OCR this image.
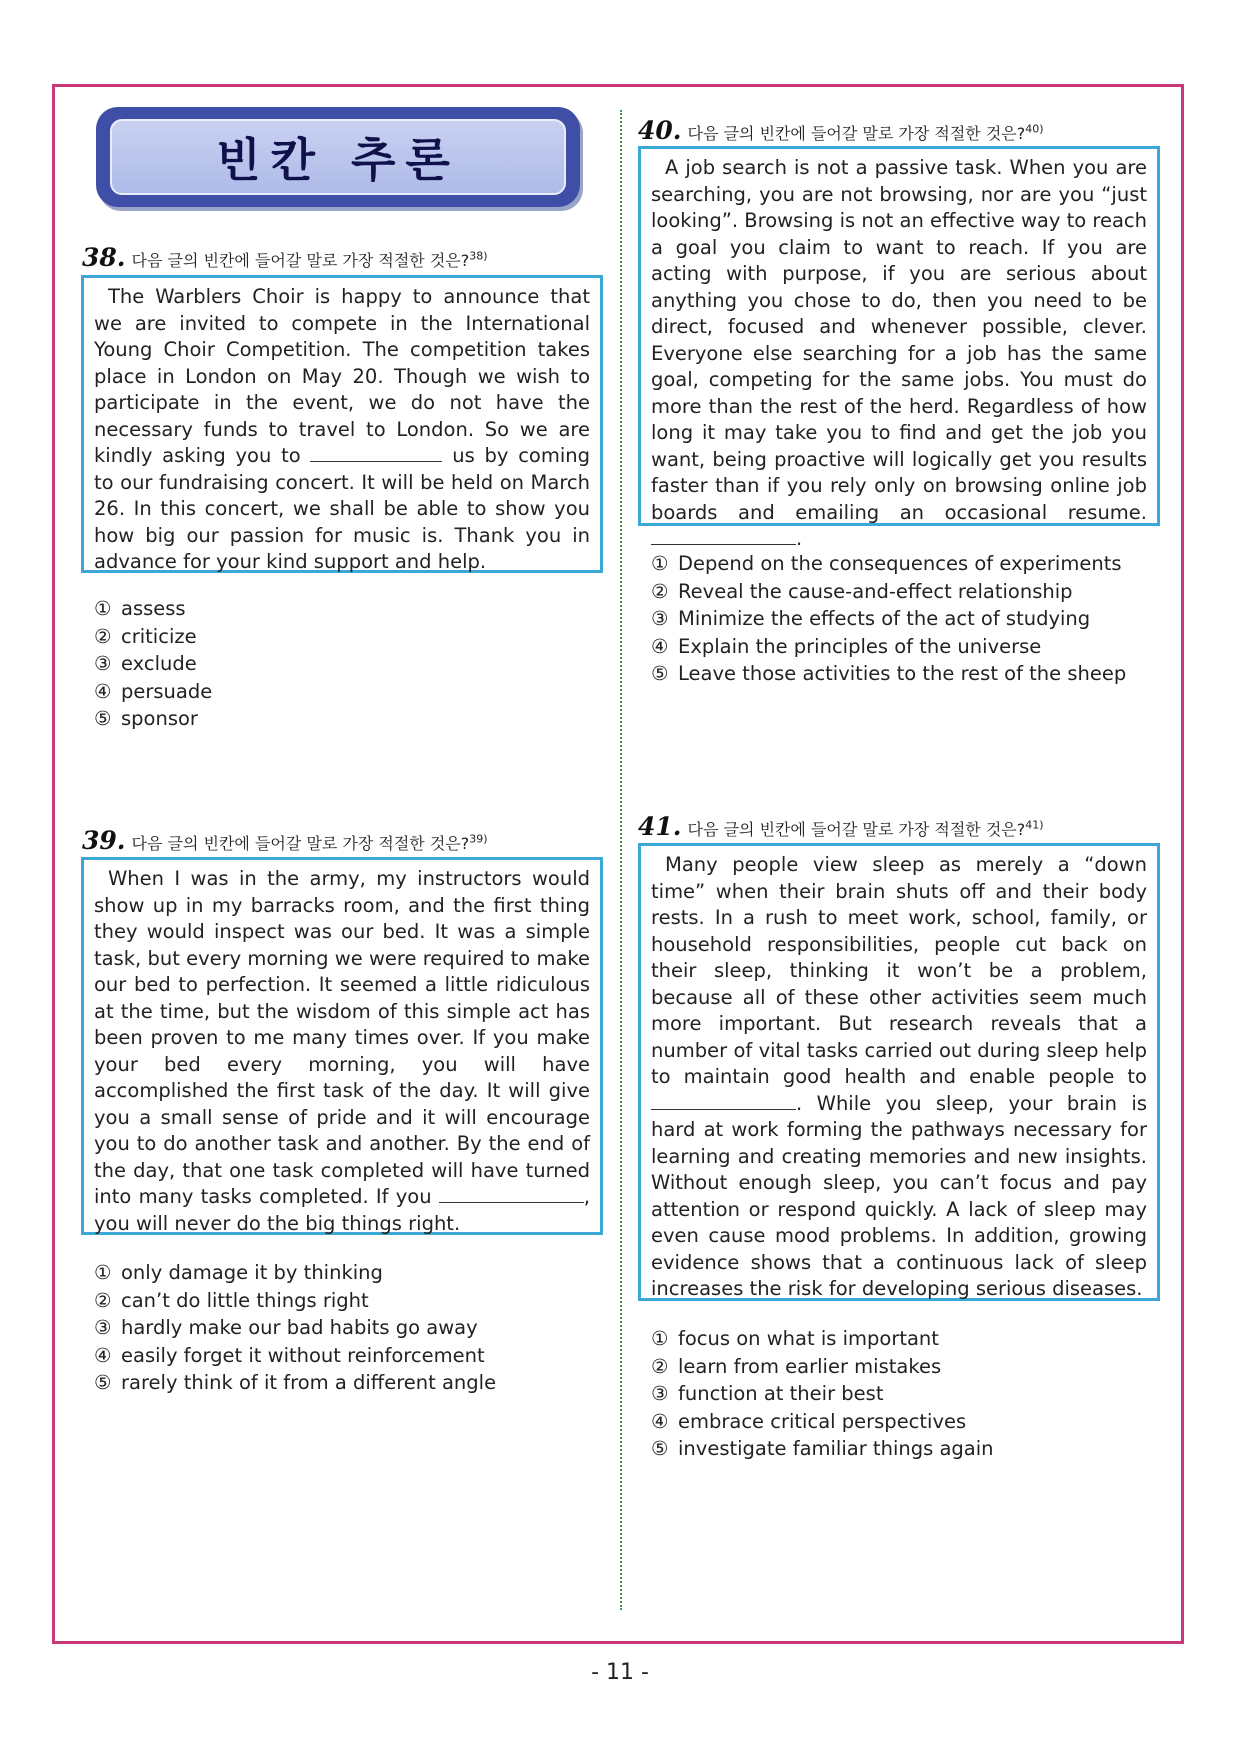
빈칸 추론
38. 다음 글의 빈칸에 들어갈 말로 가장 적절한 것은?$^{38)}$

The Warblers Choir is happy to announce that we are invited to compete in the International Young Choir Competition. The competition takes place in London on May 20. Though we wish to participate in the event, we do not have the necessary funds to travel to London. So we are kindly asking you to	us by coming to our fundraising concert. It will be held on March 26. In this concert, we shall be able to show you how big our passion for music is. Thank you in advance for your kind support and help.

① assess
② criticize
③ exclude
④ persuade
⑤ sponsor
39. 다음 글의 빈칸에 들어갈 말로 가장 적절한 것은?$^{39)}$

When I was in the army, my instructors would show up in my barracks room, and the first thing they would inspect was our bed. It was a simple task, but every morning we were required to make our bed to perfection. It seemed a little ridiculous at the time, but the wisdom of this simple act has been proven to me many times over. If you make your bed every morning, you will have accomplished the first task of the day. It will give you a small sense of pride and it will encourage you to do another task and another. By the end of the day, that one task completed will have turned into many tasks completed. If you	, you will never do the big things right.

① only damage it by thinking
② can’t do little things right
③ hardly make our bad habits go away
④ easily forget it without reinforcement
⑤ rarely think of it from a different angle
40. 다음 글의 빈칸에 들어갈 말로 가장 적절한 것은?$^{40)}$

A job search is not a passive task. When you are searching, you are not browsing, nor are you “just looking”. Browsing is not an effective way to reach a goal you claim to want to reach. If you are acting with purpose, if you are serious about anything you chose to do, then you need to be direct, focused and whenever possible, clever. Everyone else searching for a job has the same goal, competing for the same jobs. You must do more than the rest of the herd. Regardless of how long it may take you to find and get the job you want, being proactive will logically get you results faster than if you rely only on browsing online job boards and emailing an occasional resume. .

① Depend on the consequences of experiments
② Reveal the cause-and-effect relationship
③ Minimize the effects of the act of studying
④ Explain the principles of the universe
⑤ Leave those activities to the rest of the sheep
41. 다음 글의 빈칸에 들어갈 말로 가장 적절한 것은?$^{41)}$

Many people view sleep as merely a “down time” when their brain shuts off and their body rests. In a rush to meet work, school, family, or household responsibilities, people cut back on their sleep, thinking it won’t be a problem, because all of these other activities seem much more important. But research reveals that a number of vital tasks carried out during sleep help to maintain good health and enable people to . While you sleep, your brain is hard at work forming the pathways necessary for learning and creating memories and new insights. Without enough sleep, you can’t focus and pay attention or respond quickly. A lack of sleep may even cause mood problems. In addition, growing evidence shows that a continuous lack of sleep increases the risk for developing serious diseases.

① focus on what is important
② learn from earlier mistakes
③ function at their best
④ embrace critical perspectives
⑤ investigate familiar things again
- 11 -
